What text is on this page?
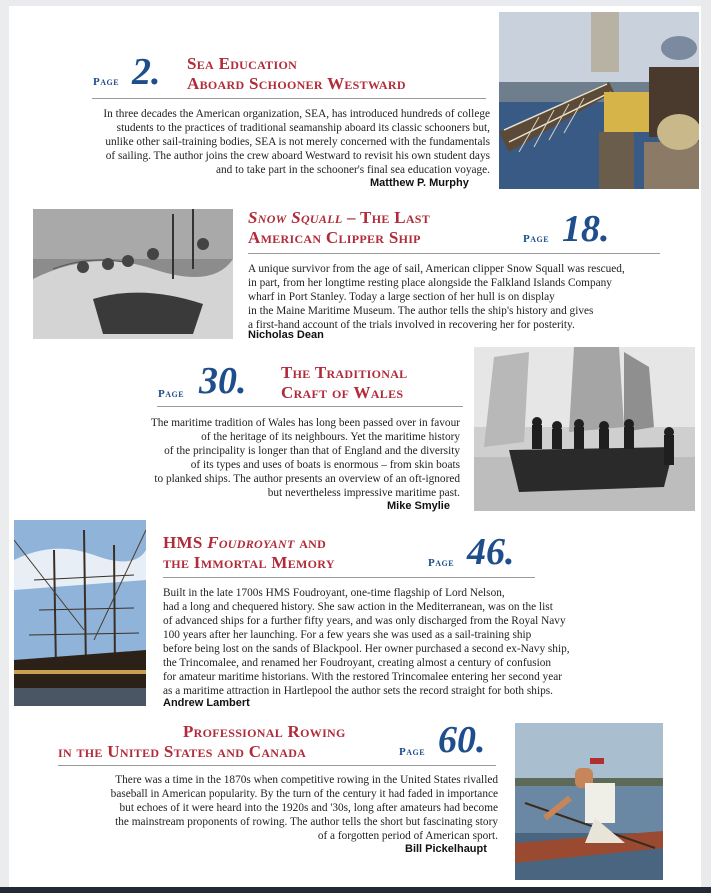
Page 2. Sea Education
Aboard Schooner Westward
In three decades the American organization, SEA, has introduced hundreds of college
students to the practices of traditional seamanship aboard its classic schooners but,
unlike other sail-training bodies, SEA is not merely concerned with the fundamentals
of sailing. The author joins the crew aboard Westward to revisit his own student days
and to take part in the schooner's final sea education voyage.
Matthew P. Murphy
Snow Squall – The Last
American Clipper Ship	Page 18.
A unique survivor from the age of sail, American clipper Snow Squall was rescued,
in part, from her longtime resting place alongside the Falkland Islands Company
wharf in Port Stanley. Today a large section of her hull is on display
in the Maine Maritime Museum. The author tells the ship's history and gives
a first-hand account of the trials involved in recovering her for posterity.
Nicholas Dean
Page 30. The Traditional
Craft of Wales
The maritime tradition of Wales has long been passed over in favour
of the heritage of its neighbours. Yet the maritime history
of the principality is longer than that of England and the diversity
of its types and uses of boats is enormous – from skin boats
to planked ships. The author presents an overview of an oft-ignored
but nevertheless impressive maritime past.
Mike Smylie
HMS Foudroyant and
the Immortal Memory	Page 46.
Built in the late 1700s HMS Foudroyant, one-time flagship of Lord Nelson,
had a long and chequered history. She saw action in the Mediterranean, was on the list
of advanced ships for a further fifty years, and was only discharged from the Royal Navy
100 years after her launching. For a few years she was used as a sail-training ship
before being lost on the sands of Blackpool. Her owner purchased a second ex-Navy ship,
the Trincomalee, and renamed her Foudroyant, creating almost a century of confusion
for amateur maritime historians. With the restored Trincomalee entering her second year
as a maritime attraction in Hartlepool the author sets the record straight for both ships.
Andrew Lambert
Professional Rowing
in the United States and Canada	Page 60.
There was a time in the 1870s when competitive rowing in the United States rivalled
baseball in American popularity. By the turn of the century it had faded in importance
but echoes of it were heard into the 1920s and '30s, long after amateurs had become
the mainstream proponents of rowing. The author tells the short but fascinating story
of a forgotten period of American sport.
Bill Pickelhaupt
